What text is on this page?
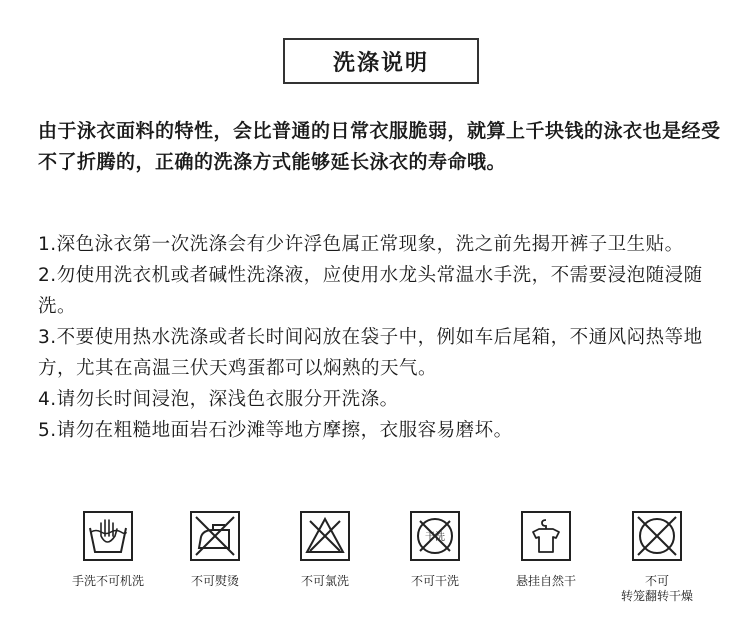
洗涤说明
由于泳衣面料的特性，会比普通的日常衣服脆弱，就算上千块钱的泳衣也是经受不了折腾的，正确的洗涤方式能够延长泳衣的寿命哦。
1.深色泳衣第一次洗涤会有少许浮色属正常现象，洗之前先揭开裤子卫生贴。
2.勿使用洗衣机或者碱性洗涤液，应使用水龙头常温水手洗，不需要浸泡随浸随洗。
3.不要使用热水洗涤或者长时间闷放在袋子中，例如车后尾箱，不通风闷热等地方，尤其在高温三伏天鸡蛋都可以焖熟的天气。
4.请勿长时间浸泡，深浅色衣服分开洗涤。
5.请勿在粗糙地面岩石沙滩等地方摩擦，衣服容易磨坏。
手洗不可机洗	不可熨烫	不可氯洗
干洗
不可干洗	悬挂自然干	不可
转笼翻转干燥
